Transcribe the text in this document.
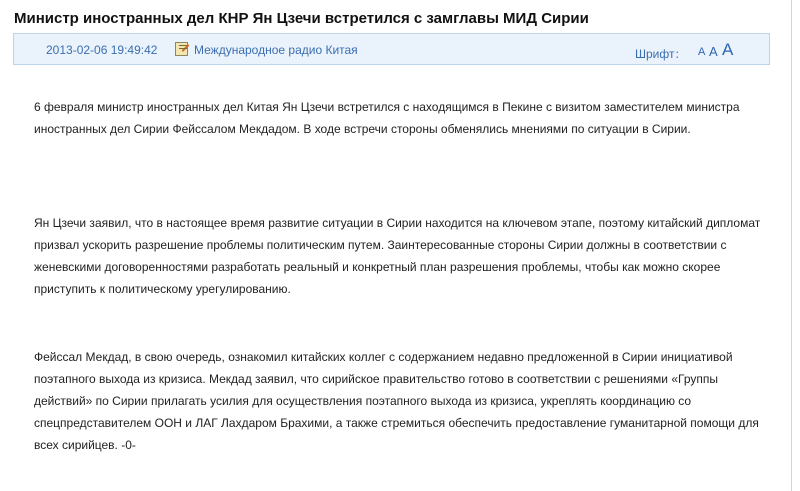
Министр иностранных дел КНР Ян Цзечи встретился с замглавы МИД Сирии
2013-02-06 19:49:42	Международное радио Китая	Шрифт： A A A

6 февраля министр иностранных дел Китая Ян Цзечи встретился с находящимся в Пекине с визитом заместителем министра иностранных дел Сирии Фейссалом Мекдадом. В ходе встречи стороны обменялись мнениями по ситуации в Сирии.

Ян Цзечи заявил, что в настоящее время развитие ситуации в Сирии находится на ключевом этапе, поэтому китайский дипломат призвал ускорить разрешение проблемы политическим путем. Заинтересованные стороны Сирии должны в соответствии с женевскими договоренностями разработать реальный и конкретный план разрешения проблемы, чтобы как можно скорее приступить к политическому урегулированию.

Фейссал Мекдад, в свою очередь, ознакомил китайских коллег с содержанием недавно предложенной в Сирии инициативой поэтапного выхода из кризиса. Мекдад заявил, что сирийское правительство готово в соответствии с решениями «Группы действий» по Сирии прилагать усилия для осуществления поэтапного выхода из кризиса, укреплять координацию со спецпредставителем ООН и ЛАГ Лахдаром Брахими, а также стремиться обеспечить предоставление гуманитарной помощи для всех сирийцев. -0-
